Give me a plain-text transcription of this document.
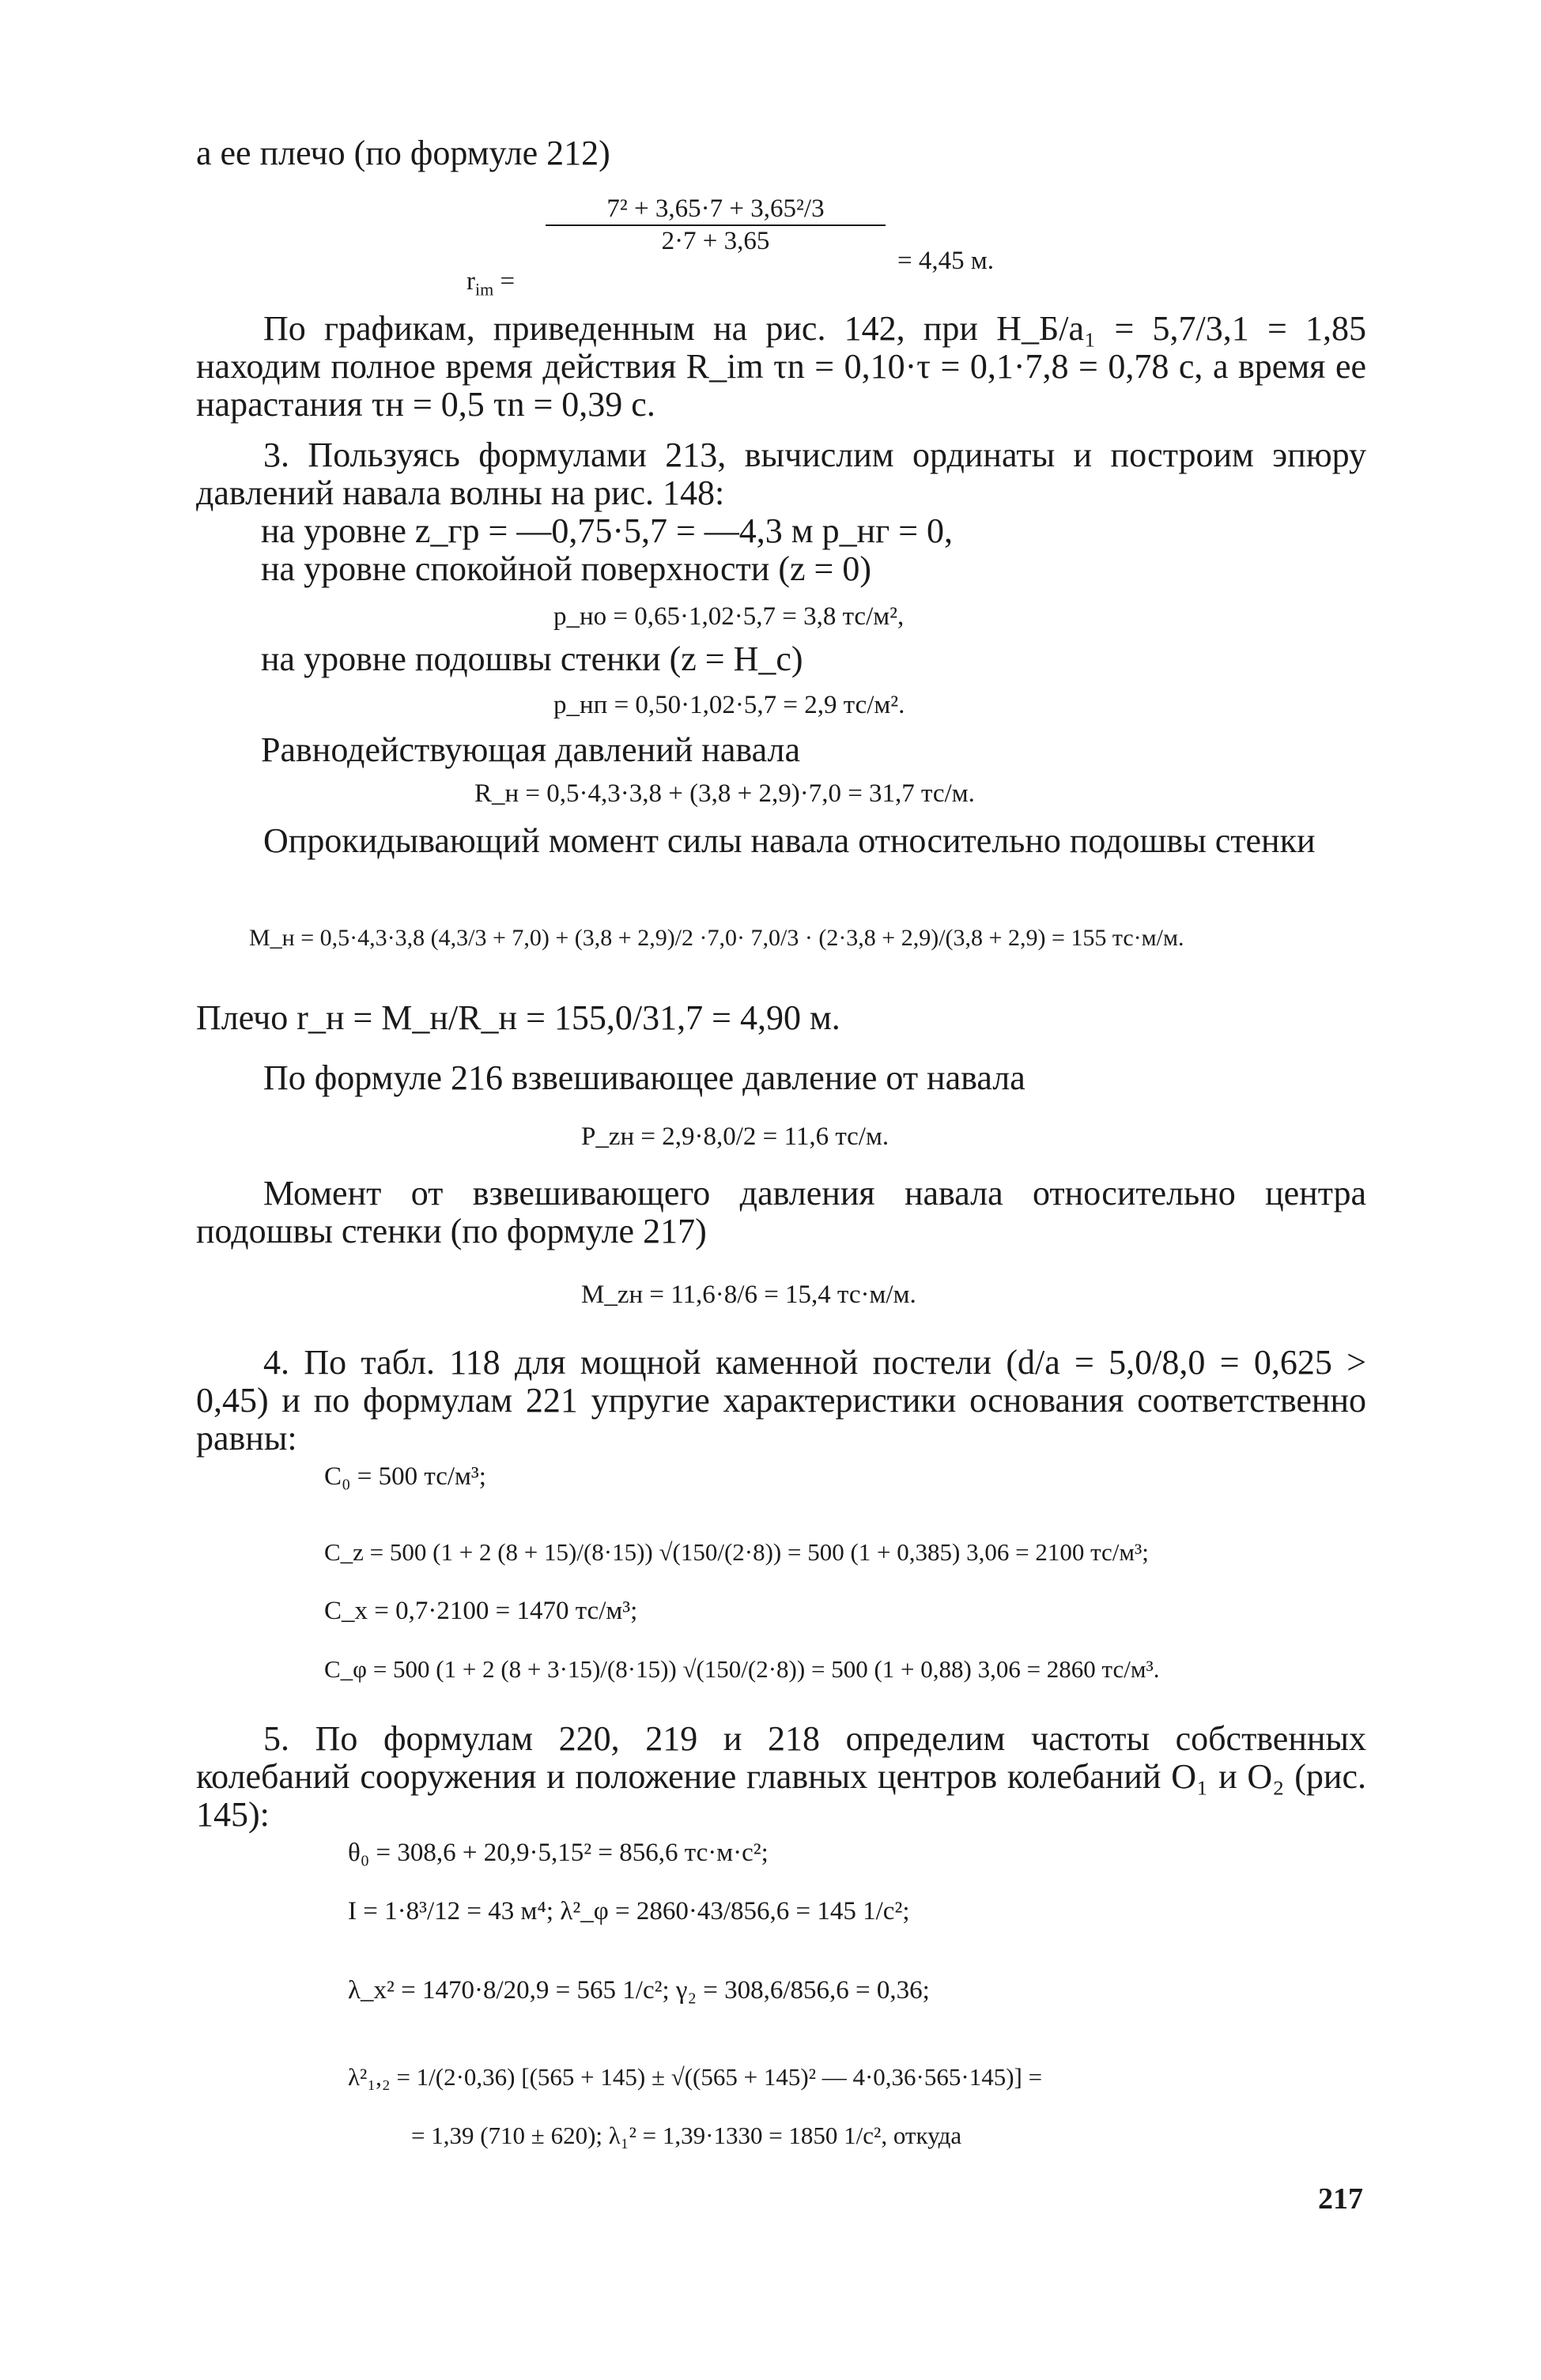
а ее плечо (по формуле 212)
$r_{im}$ =
7² + 3,65·7 + 3,65²/3
2·7 + 3,65
= 4,45 м.
По графикам, приведенным на рис. 142, при H_Б/a₁ = 5,7/3,1 = 1,85 находим полное время действия R_im τn = 0,10·τ = 0,1·7,8 = 0,78 с, а время ее нарастания τн = 0,5 τn = 0,39 с.
3. Пользуясь формулами 213, вычислим ординаты и построим эпюру давлений навала волны на рис. 148:
на уровне z_гр = —0,75·5,7 = —4,3 м p_нг = 0,
на уровне спокойной поверхности (z = 0)
p_но = 0,65·1,02·5,7 = 3,8 тс/м²,
на уровне подошвы стенки (z = H_c)
p_нп = 0,50·1,02·5,7 = 2,9 тс/м².
Равнодействующая давлений навала
R_н = 0,5·4,3·3,8 + (3,8 + 2,9)·7,0 = 31,7 тс/м.
Опрокидывающий момент силы навала относительно подошвы стенки
M_н = 0,5·4,3·3,8 (4,3/3 + 7,0) + (3,8 + 2,9)/2 ·7,0· 7,0/3 · (2·3,8 + 2,9)/(3,8 + 2,9) = 155 тс·м/м.
Плечо r_н = M_н/R_н = 155,0/31,7 = 4,90 м.
По формуле 216 взвешивающее давление от навала
P_zн = 2,9·8,0/2 = 11,6 тс/м.
Момент от взвешивающего давления навала относительно центра подошвы стенки (по формуле 217)
M_zн = 11,6·8/6 = 15,4 тс·м/м.
4. По табл. 118 для мощной каменной постели (d/a = 5,0/8,0 = 0,625 > 0,45) и по формулам 221 упругие характеристики основания соответственно равны:
C₀ = 500 тс/м³;
C_z = 500 (1 + 2 (8 + 15)/(8·15)) √(150/(2·8)) = 500 (1 + 0,385) 3,06 = 2100 тс/м³;
C_x = 0,7·2100 = 1470 тс/м³;
C_φ = 500 (1 + 2 (8 + 3·15)/(8·15)) √(150/(2·8)) = 500 (1 + 0,88) 3,06 = 2860 тс/м³.
5. По формулам 220, 219 и 218 определим частоты собственных колебаний сооружения и положение главных центров колебаний O₁ и O₂ (рис. 145):
θ₀ = 308,6 + 20,9·5,15² = 856,6 тс·м·с²;
I = 1·8³/12 = 43 м⁴; λ²_φ = 2860·43/856,6 = 145 1/с²;
λ_x² = 1470·8/20,9 = 565 1/с²; γ₂ = 308,6/856,6 = 0,36;
λ²₁,₂ = 1/(2·0,36) [(565 + 145) ± √((565 + 145)² — 4·0,36·565·145)] =
= 1,39 (710 ± 620); λ₁² = 1,39·1330 = 1850 1/с², откуда
217
